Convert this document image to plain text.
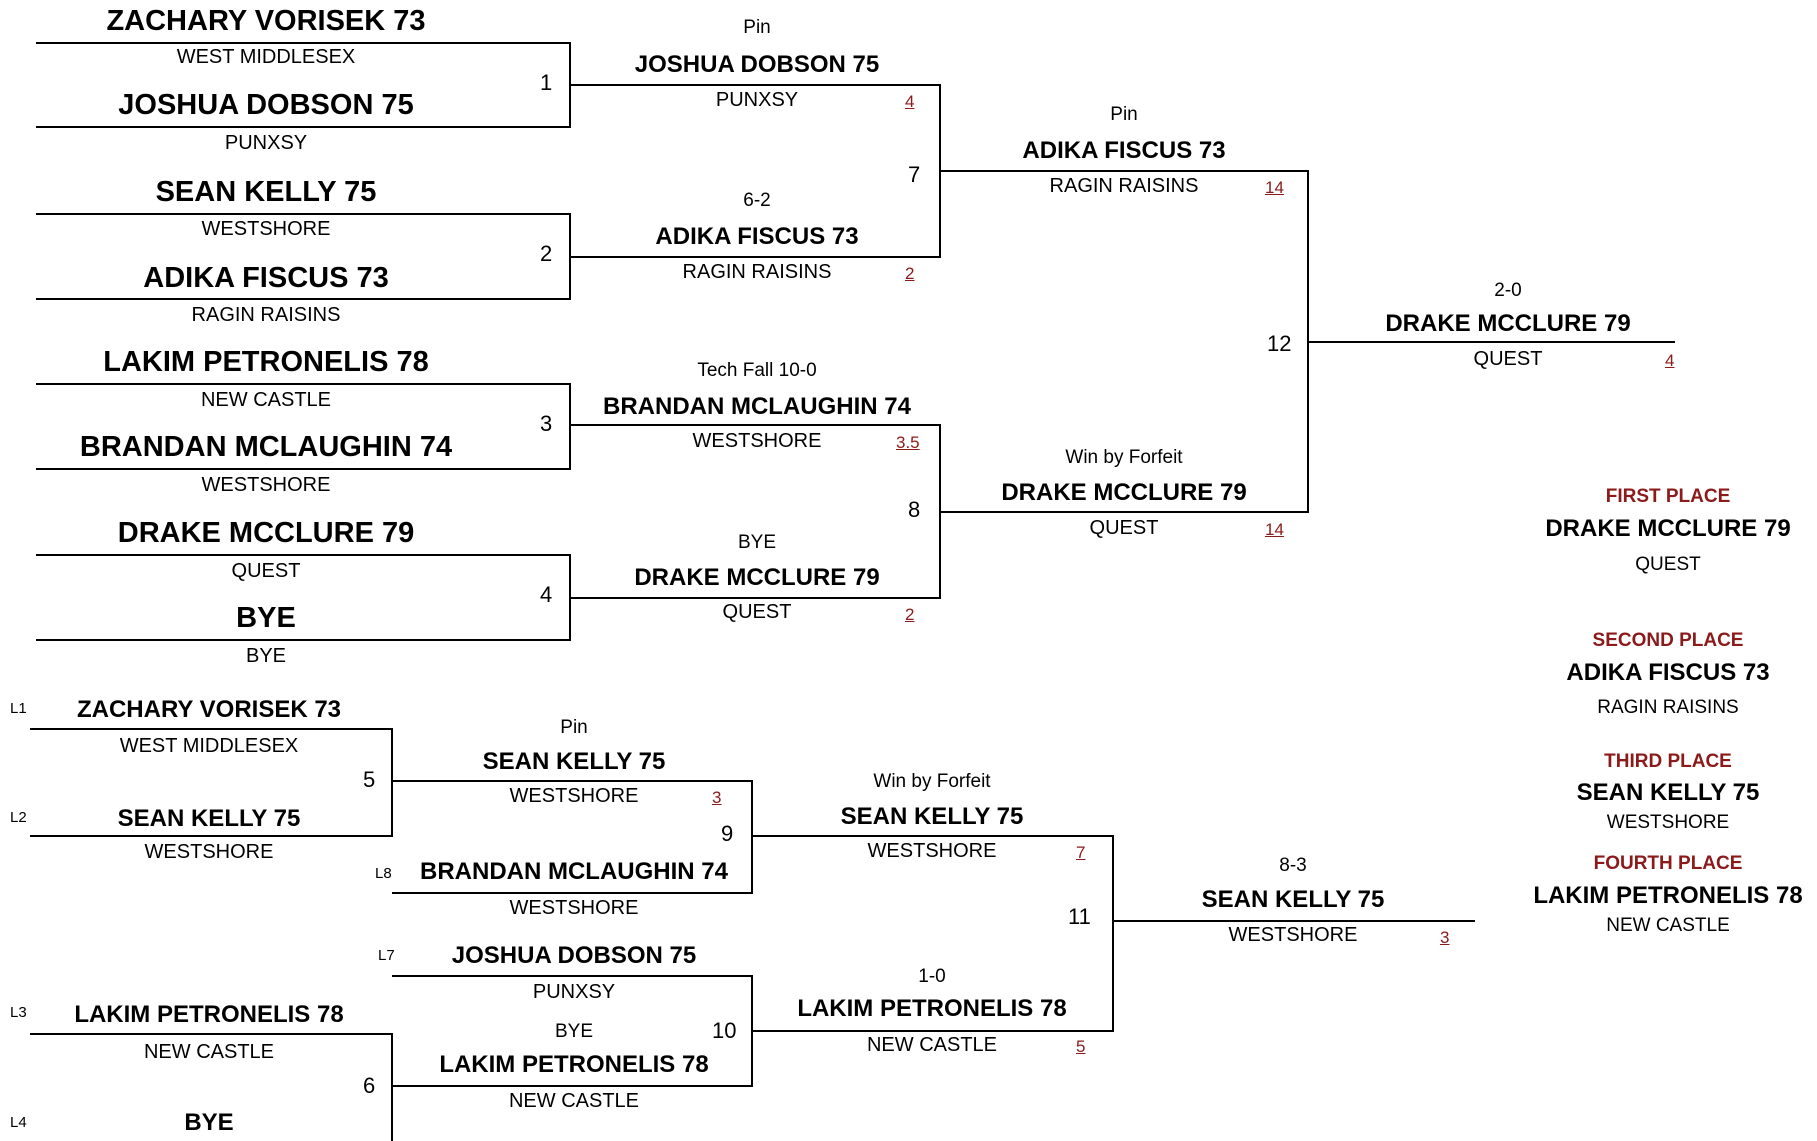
ZACHARY VORISEK 73
WEST MIDDLESEX
JOSHUA DOBSON 75
PUNXSY
1
SEAN KELLY 75
WESTSHORE
ADIKA FISCUS 73
RAGIN RAISINS
2
LAKIM PETRONELIS 78
NEW CASTLE
BRANDAN MCLAUGHIN 74
WESTSHORE
3
DRAKE MCCLURE 79
QUEST
BYE
BYE
4
Pin
JOSHUA DOBSON 75
PUNXSY	4
6-2
ADIKA FISCUS 73
RAGIN RAISINS	2
Tech Fall 10-0
BRANDAN MCLAUGHIN 74
WESTSHORE	3.5
BYE
DRAKE MCCLURE 79
QUEST	2
7
8
Pin
ADIKA FISCUS 73
RAGIN RAISINS	14
Win by Forfeit
DRAKE MCCLURE 79
QUEST	14
12
2-0
DRAKE MCCLURE 79
QUEST	4
L1 ZACHARY VORISEK 73
WEST MIDDLESEX
L2	SEAN KELLY 75
WESTSHORE
5
L3 LAKIM PETRONELIS 78
NEW CASTLE
6
L4	BYE
Pin
SEAN KELLY 75
WESTSHORE	3
L8 BRANDAN MCLAUGHIN 74
WESTSHORE
9
L7 JOSHUA DOBSON 75
PUNXSY
BYE
LAKIM PETRONELIS 78
NEW CASTLE
10
Win by Forfeit
SEAN KELLY 75
WESTSHORE	7
1-0
LAKIM PETRONELIS 78
NEW CASTLE	5
11
8-3
SEAN KELLY 75
WESTSHORE	3
FIRST PLACE
DRAKE MCCLURE 79
QUEST
SECOND PLACE
ADIKA FISCUS 73
RAGIN RAISINS
THIRD PLACE
SEAN KELLY 75
WESTSHORE
FOURTH PLACE
LAKIM PETRONELIS 78
NEW CASTLE
